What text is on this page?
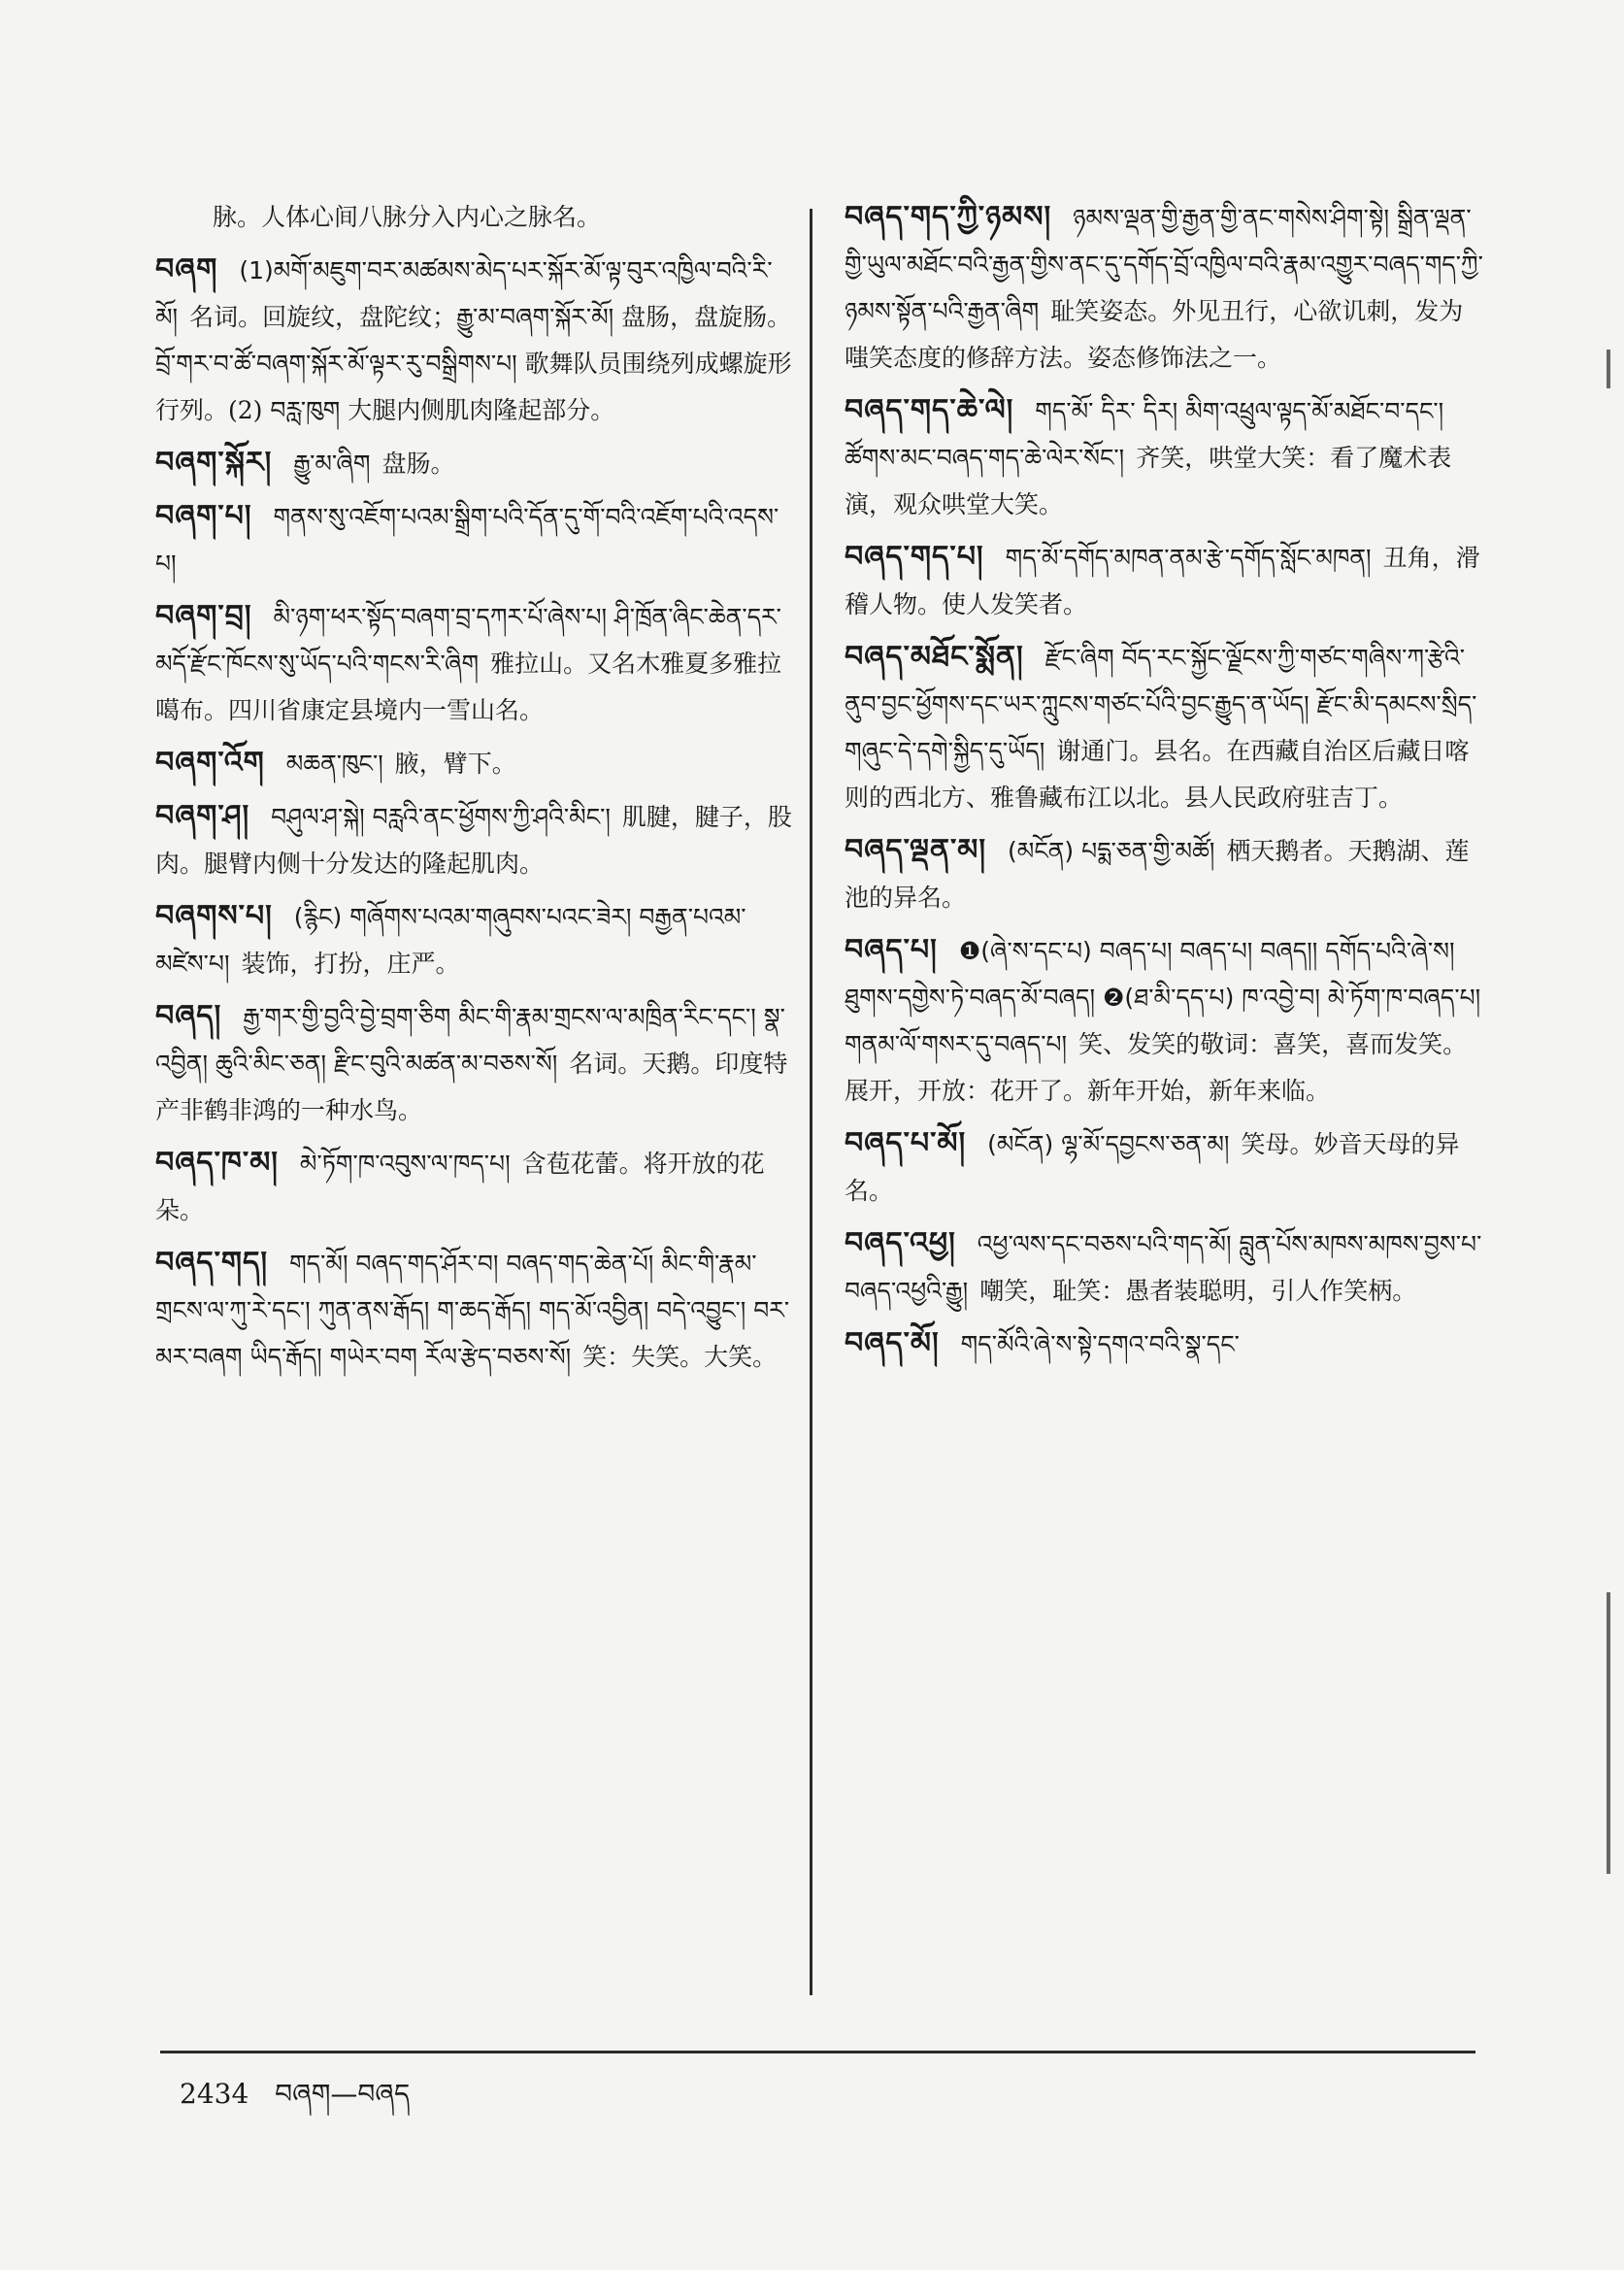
脉。人体心间八脉分入内心之脉名。
བཞག (1)མགོ་མཇུག་བར་མཚམས་མེད་པར་སྐོར་མོ་ལྟ་བུར་འཁྱིལ་བའི་རི་མོ། 名词。回旋纹，盘陀纹；རྒྱུ་མ་བཞག་སྐོར་མོ། 盘肠，盘旋肠。 བྲོ་གར་བ་ཚོ་བཞག་སྐོར་མོ་ལྟར་རུ་བསྒྲིགས་པ། 歌舞队员围绕列成螺旋形行列。(2) བརླ་ཁུག 大腿内侧肌肉隆起部分。
བཞག་སྐོར། རྒྱུ་མ་ཞིག 盘肠。
བཞག་པ། གནས་སུ་འཇོག་པའམ་སྒྲིག་པའི་དོན་དུ་གོ་བའི་འཇོག་པའི་འདས་པ།
བཞག་བྲ། མི་ཉག་ཕར་སྟོད་བཞག་བྲ་དཀར་པོ་ཞེས་པ། ཤི་ཁྲོན་ཞིང་ཆེན་དར་མདོ་རྫོང་ཁོངས་སུ་ཡོད་པའི་གངས་རི་ཞིག 雅拉山。又名木雅夏多雅拉噶布。四川省康定县境内一雪山名。
བཞག་འོག མཆན་ཁུང་། 腋，臂下。
བཞག་ཤ། བཤུལ་ཤ་སྐེ། བརླའི་ནང་ཕྱོགས་ཀྱི་ཤའི་མིང་། 肌腱，腱子，股肉。腿臂内侧十分发达的隆起肌肉。
བཞགས་པ། (རྙིང) གཞོགས་པའམ་གཞུབས་པའང་ཟེར། བརྒྱན་པའམ་མཛེས་པ། 装饰，打扮，庄严。
བཞད། རྒྱ་གར་གྱི་བྱའི་བྱེ་བྲག་ཅིག མིང་གི་རྣམ་གྲངས་ལ་མཁྲིན་རིང་དང་། སྣ་འབྱིན། ཆུའི་མིང་ཅན། རྫིང་བུའི་མཚན་མ་བཅས་སོ། 名词。天鹅。印度特产非鹤非鸿的一种水鸟。
བཞད་ཁ་མ། མེ་ཏོག་ཁ་འབུས་ལ་ཁད་པ། 含苞花蕾。将开放的花朵。
བཞད་གད། གད་མོ། བཞད་གད་ཤོར་བ། བཞད་གད་ཆེན་པོ། མིང་གི་རྣམ་གྲངས་ལ་ཀུ་རེ་དང་། ཀུན་ནས་རྒོད། ག་ཆད་རྒོད། གད་མོ་འབྱིན། བདེ་འབྱུང་། བར་མར་བཞག ཡིད་རྒོད། གཡེར་བག རོལ་རྩེད་བཅས་སོ། 笑：失笑。大笑。
བཞད་གད་ཀྱི་ཉམས། ཉམས་ལྡན་གྱི་རྒྱན་གྱི་ནང་གསེས་ཤིག་སྟེ། སྒྲིན་ལྡན་གྱི་ཡུལ་མཐོང་བའི་རྒྱན་གྱིས་ནང་དུ་དགོད་བྲོ་འཁྱིལ་བའི་རྣམ་འགྱུར་བཞད་གད་ཀྱི་ཉམས་སྟོན་པའི་རྒྱན་ཞིག 耻笑姿态。外见丑行，心欲讥刺，发为嗤笑态度的修辞方法。姿态修饰法之一。
བཞད་གད་ཆེ་ལེ། གད་མོ་ དིར་ དིར། མིག་འཕྲུལ་ལྟད་མོ་མཐོང་བ་དང་། ཚོགས་མང་བཞད་གད་ཆེ་ལེར་སོང་། 齐笑，哄堂大笑：看了魔术表演，观众哄堂大笑。
བཞད་གད་པ། གད་མོ་དགོད་མཁན་ནམ་རྩེ་དགོད་སློང་མཁན། 丑角，滑稽人物。使人发笑者。
བཞད་མཐོང་སྨོན། རྫོང་ཞིག བོད་རང་སྐྱོང་ལྗོངས་ཀྱི་གཙང་གཞིས་ཀ་རྩེའི་ནུབ་བྱང་ཕྱོགས་དང་ཡར་ཀླུངས་གཙང་པོའི་བྱང་རྒྱུད་ན་ཡོད། རྫོང་མི་དམངས་སྲིད་གཞུང་དེ་དགེ་སྐྱིད་དུ་ཡོད། 谢通门。县名。在西藏自治区后藏日喀则的西北方、雅鲁藏布江以北。县人民政府驻吉丁。
བཞད་ལྡན་མ། (མངོན) པདྨ་ཅན་གྱི་མཚོ། 栖天鹅者。天鹅湖、莲池的异名。
བཞད་པ། ❶(ཞེ་ས་དང་པ) བཞད་པ། བཞད་པ། བཞད།། དགོད་པའི་ཞེ་ས། ཐུགས་དགྱེས་ཏེ་བཞད་མོ་བཞད། ❷(ཐ་མི་དད་པ) ཁ་འབྱེ་བ། མེ་ཏོག་ཁ་བཞད་པ། གནམ་ལོ་གསར་དུ་བཞད་པ། 笑、发笑的敬词：喜笑，喜而发笑。展开，开放：花开了。新年开始，新年来临。
བཞད་པ་མོ། (མངོན) ལྷ་མོ་དབྱངས་ཅན་མ། 笑母。妙音天母的异名。
བཞད་འཕྱ། འཕྱ་ལས་དང་བཅས་པའི་གད་མོ། བླུན་པོས་མཁས་མཁས་བྱས་པ་བཞད་འཕྱའི་རྒྱུ། 嘲笑，耻笑：愚者装聪明，引人作笑柄。
བཞད་མོ། གད་མོའི་ཞེ་ས་སྟེ་དགའ་བའི་སྣ་དང་
2434 བཞག—བཞད
